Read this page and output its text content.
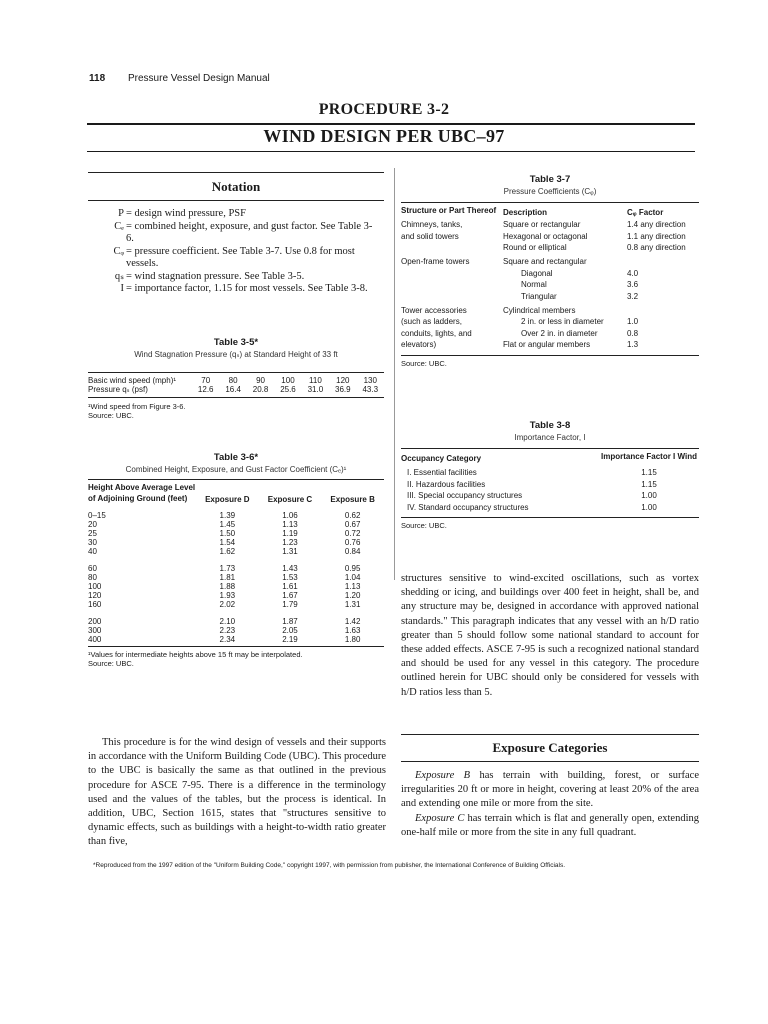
118 Pressure Vessel Design Manual
PROCEDURE 3-2
WIND DESIGN PER UBC–97
Notation
P = design wind pressure, PSF
Cₑ = combined height, exposure, and gust factor. See Table 3-6.
Cᵩ = pressure coefficient. See Table 3-7. Use 0.8 for most vessels.
qₛ = wind stagnation pressure. See Table 3-5.
I = importance factor, 1.15 for most vessels. See Table 3-8.
Table 3-5*
Wind Stagnation Pressure (qₛ) at Standard Height of 33 ft
Basic wind speed (mph)¹	70	80	90	100	110	120	130
Pressure qₛ (psf)	12.6	16.4	20.8	25.6	31.0	36.9	43.3
¹Wind speed from Figure 3-6.
Source: UBC.
Table 3-6*
Combined Height, Exposure, and Gust Factor Coefficient (Cₑ)¹
Height Above Average Level of Adjoining Ground (feet)	Exposure D	Exposure C	Exposure B
0–15	1.39	1.06	0.62
20	1.45	1.13	0.67
25	1.50	1.19	0.72
30	1.54	1.23	0.76
40	1.62	1.31	0.84
60	1.73	1.43	0.95
80	1.81	1.53	1.04
100	1.88	1.61	1.13
120	1.93	1.67	1.20
160	2.02	1.79	1.31
200	2.10	1.87	1.42
300	2.23	2.05	1.63
400	2.34	2.19	1.80
¹Values for intermediate heights above 15 ft may be interpolated.
Source: UBC.

This procedure is for the wind design of vessels and their supports in accordance with the Uniform Building Code (UBC). This procedure to the UBC is basically the same as that outlined in the previous procedure for ASCE 7-95. There is a difference in the terminology used and the values of the tables, but the process is identical. In addition, UBC, Section 1615, states that "structures sensitive to dynamic effects, such as buildings with a height-to-width ratio greater than five,

Table 3-7
Pressure Coefficients (Cᵩ)
Structure or Part Thereof	Description	Cᵩ Factor
Chimneys, tanks,	Square or rectangular	1.4 any direction
and solid towers	Hexagonal or octagonal	1.1 any direction
	Round or elliptical	0.8 any direction
Open-frame towers	Square and rectangular	
	Diagonal	4.0
	Normal	3.6
	Triangular	3.2
Tower accessories	Cylindrical members	
(such as ladders,	2 in. or less in diameter	1.0
conduits, lights, and	Over 2 in. in diameter	0.8
elevators)	Flat or angular members	1.3
Source: UBC.
Table 3-8
Importance Factor, I
Occupancy Category	Importance Factor I Wind
I. Essential facilities	1.15
II. Hazardous facilities	1.15
III. Special occupancy structures	1.00
IV. Standard occupancy structures	1.00
Source: UBC.

structures sensitive to wind-excited oscillations, such as vortex shedding or icing, and buildings over 400 feet in height, shall be, and any structure may be, designed in accordance with approved national standards." This paragraph indicates that any vessel with an h/D ratio greater than 5 should follow some national standard to account for these added effects. ASCE 7-95 is such a recognized national standard and should be used for any vessel in this category. The procedure outlined herein for UBC should only be considered for vessels with h/D ratios less than 5.

Exposure Categories

Exposure B has terrain with building, forest, or surface irregularities 20 ft or more in height, covering at least 20% of the area and extending one mile or more from the site.

Exposure C has terrain which is flat and generally open, extending one-half mile or more from the site in any full quadrant.

*Reproduced from the 1997 edition of the "Uniform Building Code," copyright 1997, with permission from publisher, the International Conference of Building Officials.
